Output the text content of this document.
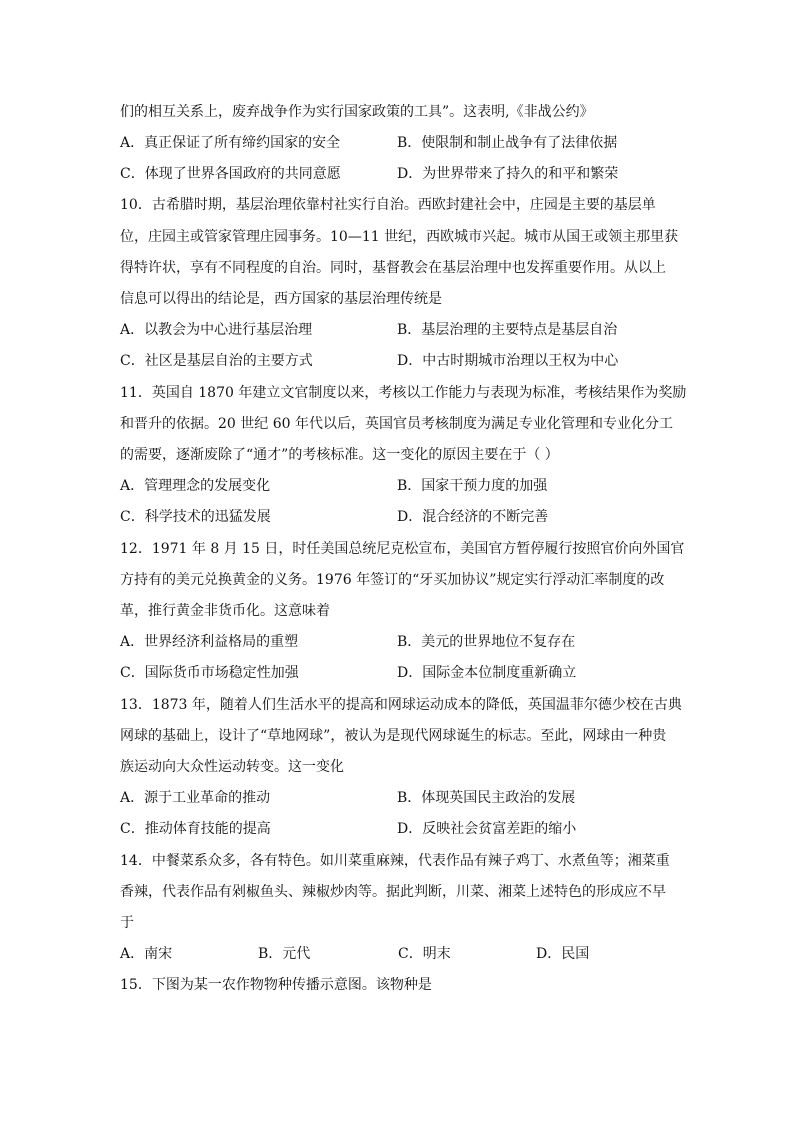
们的相互关系上，废弃战争作为实行国家政策的工具”。这表明,《非战公约》
A．真正保证了所有缔约国家的安全	B．使限制和制止战争有了法律依据
C．体现了世界各国政府的共同意愿	D．为世界带来了持久的和平和繁荣
10．古希腊时期，基层治理依靠村社实行自治。西欧封建社会中，庄园是主要的基层单
位，庄园主或管家管理庄园事务。10—11 世纪，西欧城市兴起。城市从国王或领主那里获
得特许状，享有不同程度的自治。同时，基督教会在基层治理中也发挥重要作用。从以上
信息可以得出的结论是，西方国家的基层治理传统是
A．以教会为中心进行基层治理	B．基层治理的主要特点是基层自治
C．社区是基层自治的主要方式	D．中古时期城市治理以王权为中心
11．英国自 1870 年建立文官制度以来，考核以工作能力与表现为标准，考核结果作为奖励
和晋升的依据。20 世纪 60 年代以后，英国官员考核制度为满足专业化管理和专业化分工
的需要，逐渐废除了“通才”的考核标准。这一变化的原因主要在于（ ）
A．管理理念的发展变化	B．国家干预力度的加强
C．科学技术的迅猛发展	D．混合经济的不断完善
12．1971 年 8 月 15 日，时任美国总统尼克松宣布，美国官方暂停履行按照官价向外国官
方持有的美元兑换黄金的义务。1976 年签订的“牙买加协议”规定实行浮动汇率制度的改
革，推行黄金非货币化。这意味着
A．世界经济利益格局的重塑	B．美元的世界地位不复存在
C．国际货币市场稳定性加强	D．国际金本位制度重新确立
13．1873 年，随着人们生活水平的提高和网球运动成本的降低，英国温菲尔德少校在古典
网球的基础上，设计了“草地网球”，被认为是现代网球诞生的标志。至此，网球由一种贵
族运动向大众性运动转变。这一变化
A．源于工业革命的推动	B．体现英国民主政治的发展
C．推动体育技能的提高	D．反映社会贫富差距的缩小
14．中餐菜系众多，各有特色。如川菜重麻辣，代表作品有辣子鸡丁、水煮鱼等；湘菜重
香辣，代表作品有剁椒鱼头、辣椒炒肉等。据此判断，川菜、湘菜上述特色的形成应不早
于
A．南宋	B．元代	C．明末	D．民国
15．下图为某一农作物物种传播示意图。该物种是
